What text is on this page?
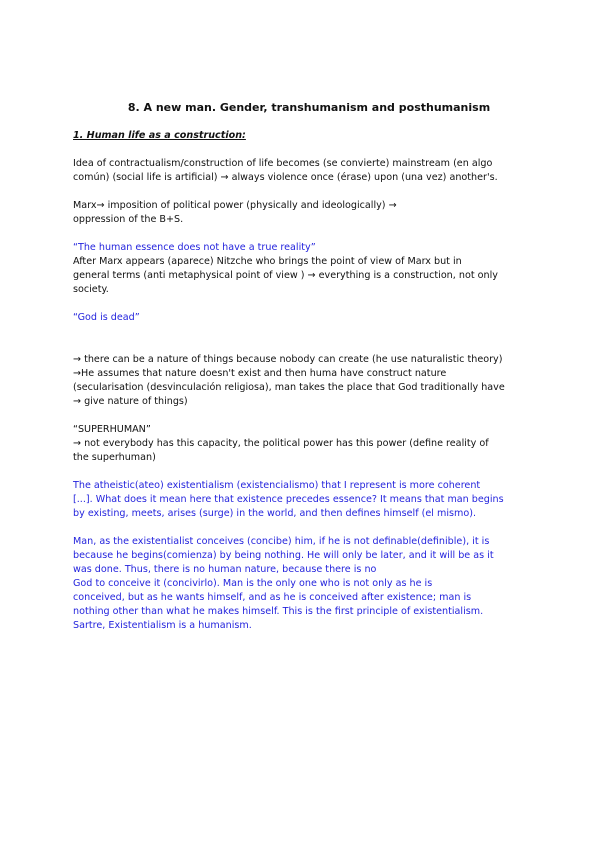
8. A new man. Gender, transhumanism and posthumanism
1. Human life as a construction:
Idea of contractualism/construction of life becomes (se convierte) mainstream (en algo
común) (social life is artificial) → always violence once (érase) upon (una vez) another's.
Marx→ imposition of political power (physically and ideologically) →
oppression of the B+S.
“The human essence does not have a true reality”
After Marx appears (aparece) Nitzche who brings the point of view of Marx but in
general terms (anti metaphysical point of view ) → everything is a construction, not only
society.
“God is dead”
→ there can be a nature of things because nobody can create (he use naturalistic theory)
→He assumes that nature doesn't exist and then huma have construct nature
(secularisation (desvinculación religiosa), man takes the place that God traditionally have
→ give nature of things)
“SUPERHUMAN”
→ not everybody has this capacity, the political power has this power (define reality of
the superhuman)
The atheistic(ateo) existentialism (existencialismo) that I represent is more coherent
[...]. What does it mean here that existence precedes essence? It means that man begins
by existing, meets, arises (surge) in the world, and then defines himself (el mismo).
Man, as the existentialist conceives (concibe) him, if he is not definable(definible), it is
because he begins(comienza) by being nothing. He will only be later, and it will be as it
was done. Thus, there is no human nature, because there is no
God to conceive it (concivirlo). Man is the only one who is not only as he is
conceived, but as he wants himself, and as he is conceived after existence; man is
nothing other than what he makes himself. This is the first principle of existentialism.
Sartre, Existentialism is a humanism.
